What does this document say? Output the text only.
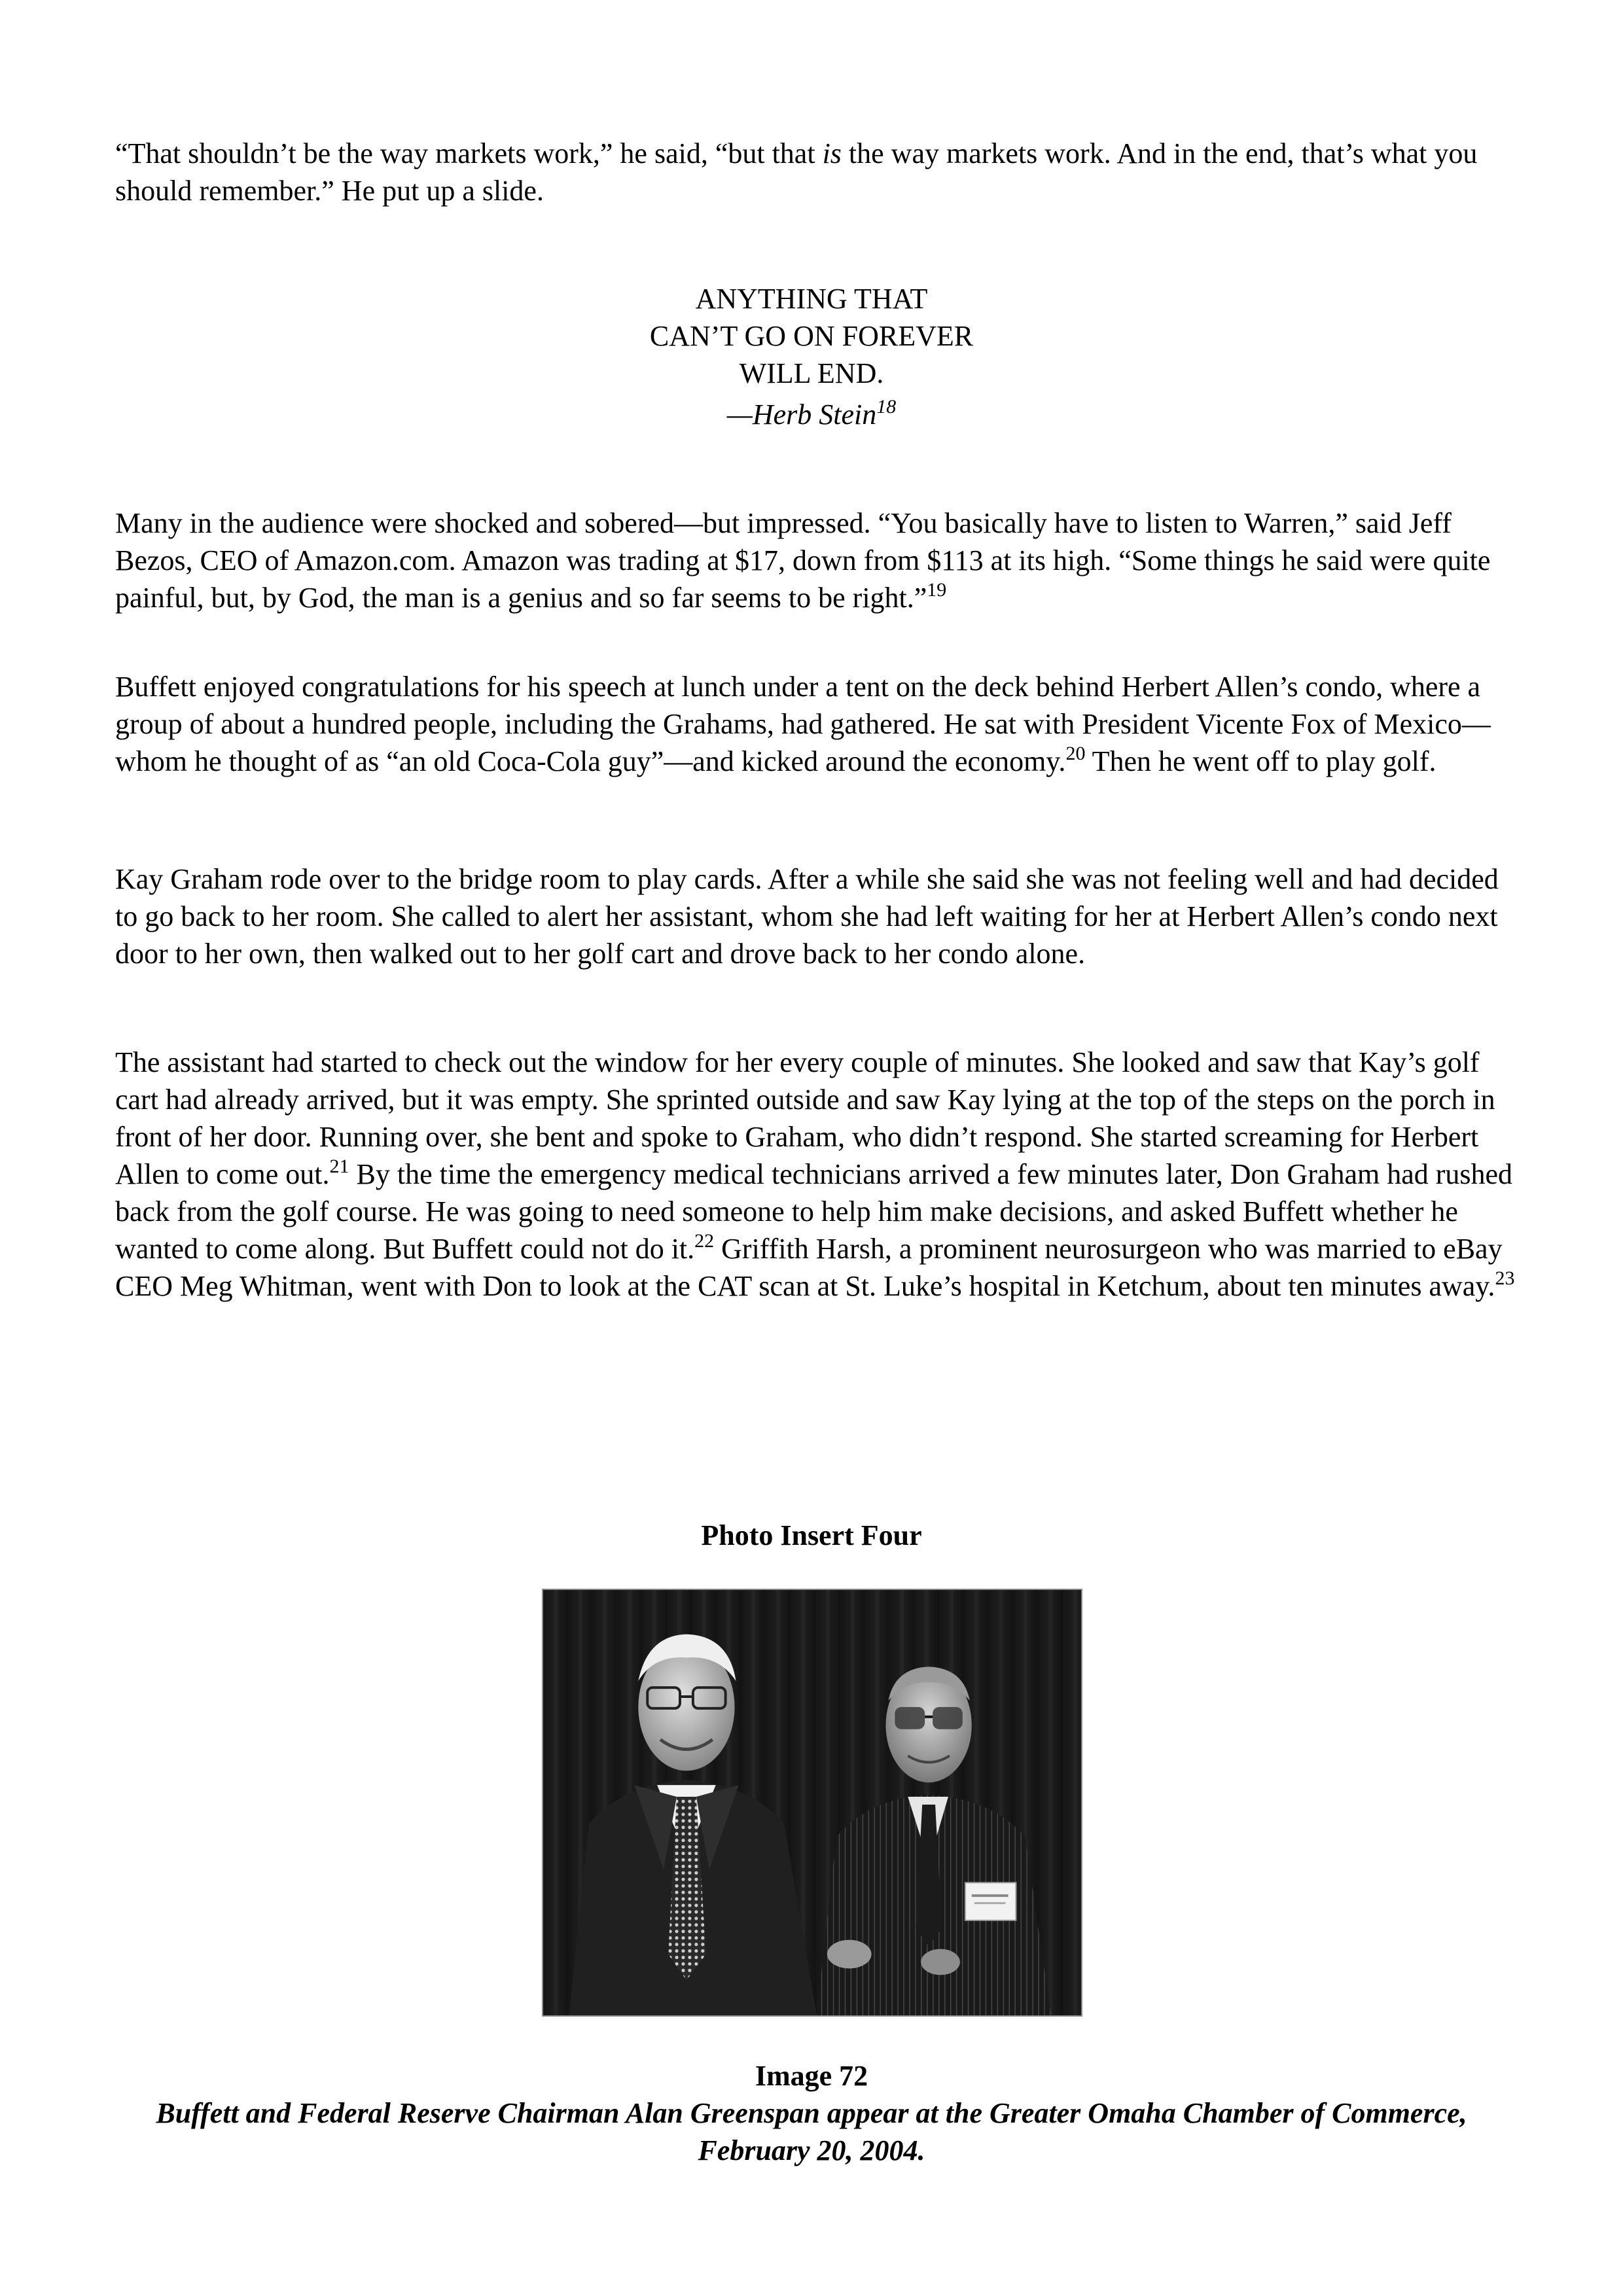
“That shouldn’t be the way markets work,” he said, “but that is the way markets work. And in the end, that’s what you should remember.” He put up a slide.

ANYTHING THAT
CAN’T GO ON FOREVER
WILL END.
—Herb Stein$^{18}$

Many in the audience were shocked and sobered—but impressed. “You basically have to listen to Warren,” said Jeff Bezos, CEO of Amazon.com. Amazon was trading at $17, down from $113 at its high. “Some things he said were quite painful, but, by God, the man is a genius and so far seems to be right.”$^{19}$

Buffett enjoyed congratulations for his speech at lunch under a tent on the deck behind Herbert Allen’s condo, where a group of about a hundred people, including the Grahams, had gathered. He sat with President Vicente Fox of Mexico—whom he thought of as “an old Coca-Cola guy”—and kicked around the economy.$^{20}$ Then he went off to play golf.

Kay Graham rode over to the bridge room to play cards. After a while she said she was not feeling well and had decided to go back to her room. She called to alert her assistant, whom she had left waiting for her at Herbert Allen’s condo next door to her own, then walked out to her golf cart and drove back to her condo alone.

The assistant had started to check out the window for her every couple of minutes. She looked and saw that Kay’s golf cart had already arrived, but it was empty. She sprinted outside and saw Kay lying at the top of the steps on the porch in front of her door. Running over, she bent and spoke to Graham, who didn’t respond. She started screaming for Herbert Allen to come out.$^{21}$ By the time the emergency medical technicians arrived a few minutes later, Don Graham had rushed back from the golf course. He was going to need someone to help him make decisions, and asked Buffett whether he wanted to come along. But Buffett could not do it.$^{22}$ Griffith Harsh, a prominent neurosurgeon who was married to eBay CEO Meg Whitman, went with Don to look at the CAT scan at St. Luke’s hospital in Ketchum, about ten minutes away.$^{23}$

Photo Insert Four
Image 72
Buffett and Federal Reserve Chairman Alan Greenspan appear at the Greater Omaha Chamber of Commerce, February 20, 2004.
